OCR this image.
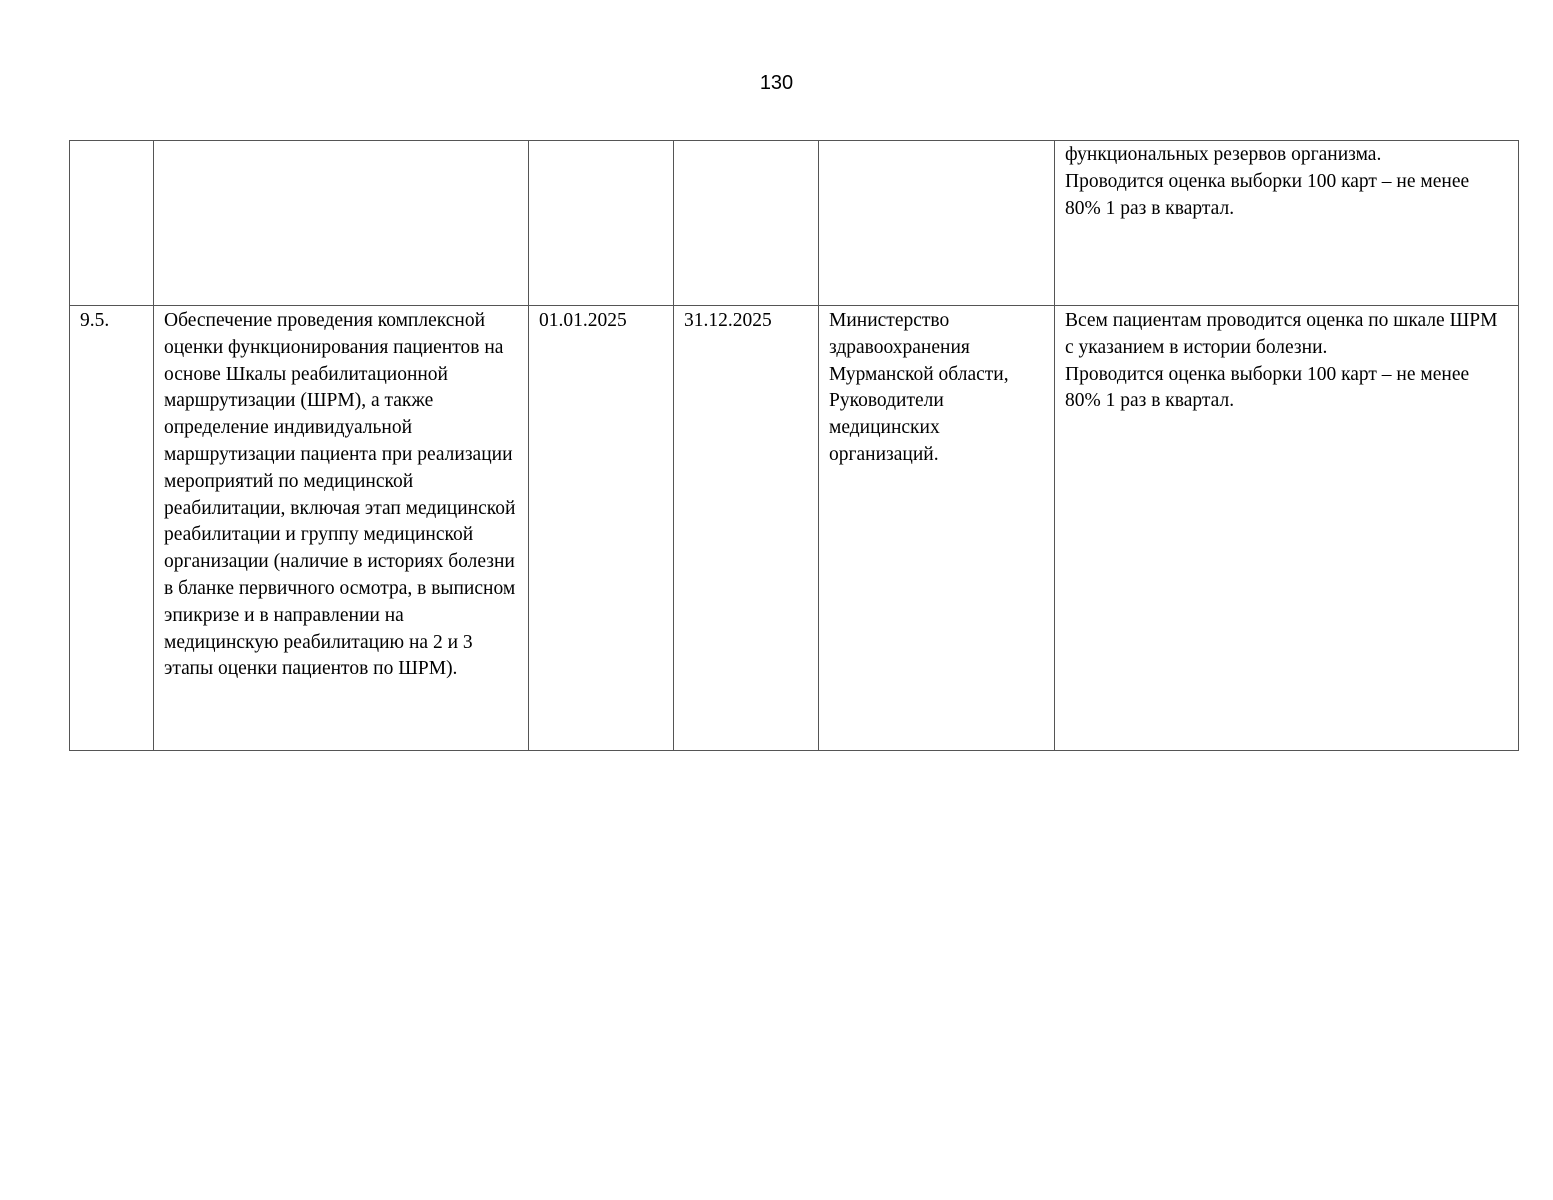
130
					функциональных резервов организма.
Проводится оценка выборки 100 карт – не менее 80% 1 раз в квартал.
9.5.	Обеспечение проведения комплексной оценки функционирования пациентов на основе Шкалы реабилитационной маршрутизации (ШРМ), а также определение индивидуальной маршрутизации пациента при реализации мероприятий по медицинской реабилитации, включая этап медицинской реабилитации и группу медицинской организации (наличие в историях болезни в бланке первичного осмотра, в выписном эпикризе и в направлении на медицинскую реабилитацию на 2 и 3 этапы оценки пациентов по ШРМ).	01.01.2025	31.12.2025	Министерство здравоохранения Мурманской области, Руководители медицинских организаций.	Всем пациентам проводится оценка по шкале ШРМ с указанием в истории болезни.
Проводится оценка выборки 100 карт – не менее 80% 1 раз в квартал.
